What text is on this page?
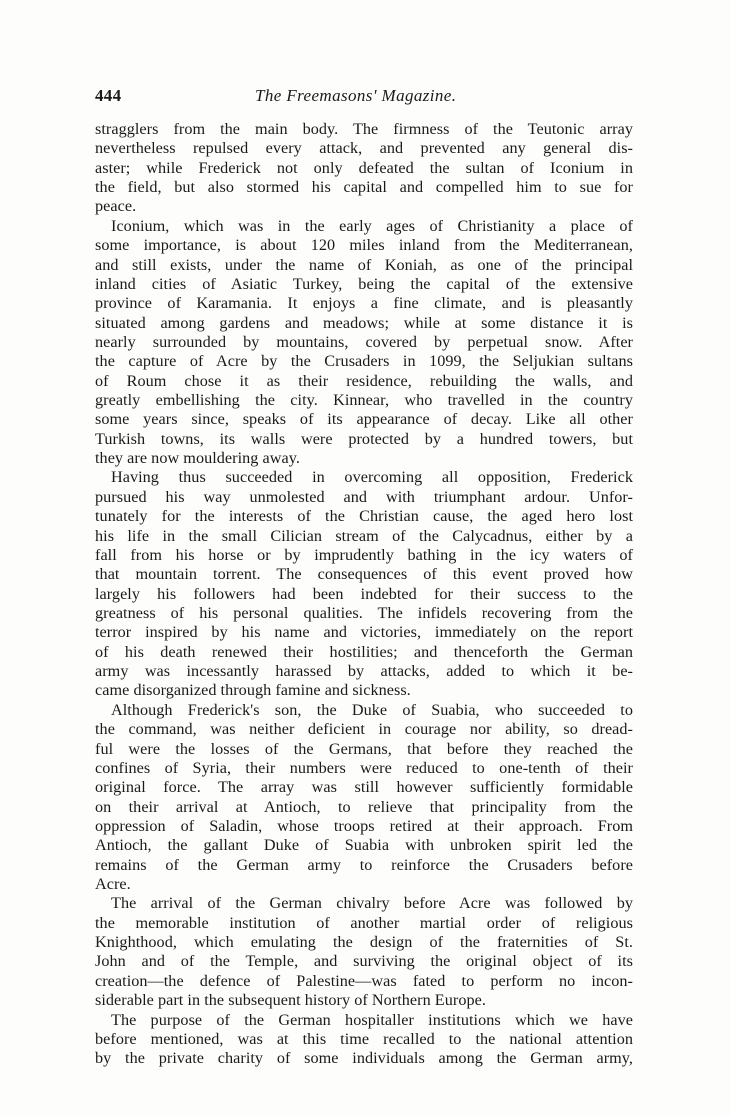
444	The Freemasons' Magazine.
stragglers from the main body. The firmness of the Teutonic array
nevertheless repulsed every attack, and prevented any general dis-
aster; while Frederick not only defeated the sultan of Iconium in
the field, but also stormed his capital and compelled him to sue for
peace.
Iconium, which was in the early ages of Christianity a place of
some importance, is about 120 miles inland from the Mediterranean,
and still exists, under the name of Koniah, as one of the principal
inland cities of Asiatic Turkey, being the capital of the extensive
province of Karamania. It enjoys a fine climate, and is pleasantly
situated among gardens and meadows; while at some distance it is
nearly surrounded by mountains, covered by perpetual snow. After
the capture of Acre by the Crusaders in 1099, the Seljukian sultans
of Roum chose it as their residence, rebuilding the walls, and
greatly embellishing the city. Kinnear, who travelled in the country
some years since, speaks of its appearance of decay. Like all other
Turkish towns, its walls were protected by a hundred towers, but
they are now mouldering away.
Having thus succeeded in overcoming all opposition, Frederick
pursued his way unmolested and with triumphant ardour. Unfor-
tunately for the interests of the Christian cause, the aged hero lost
his life in the small Cilician stream of the Calycadnus, either by a
fall from his horse or by imprudently bathing in the icy waters of
that mountain torrent. The consequences of this event proved how
largely his followers had been indebted for their success to the
greatness of his personal qualities. The infidels recovering from the
terror inspired by his name and victories, immediately on the report
of his death renewed their hostilities; and thenceforth the German
army was incessantly harassed by attacks, added to which it be-
came disorganized through famine and sickness.
Although Frederick's son, the Duke of Suabia, who succeeded to
the command, was neither deficient in courage nor ability, so dread-
ful were the losses of the Germans, that before they reached the
confines of Syria, their numbers were reduced to one-tenth of their
original force. The array was still however sufficiently formidable
on their arrival at Antioch, to relieve that principality from the
oppression of Saladin, whose troops retired at their approach. From
Antioch, the gallant Duke of Suabia with unbroken spirit led the
remains of the German army to reinforce the Crusaders before
Acre.
The arrival of the German chivalry before Acre was followed by
the memorable institution of another martial order of religious
Knighthood, which emulating the design of the fraternities of St.
John and of the Temple, and surviving the original object of its
creation—the defence of Palestine—was fated to perform no incon-
siderable part in the subsequent history of Northern Europe.
The purpose of the German hospitaller institutions which we have
before mentioned, was at this time recalled to the national attention
by the private charity of some individuals among the German army,
